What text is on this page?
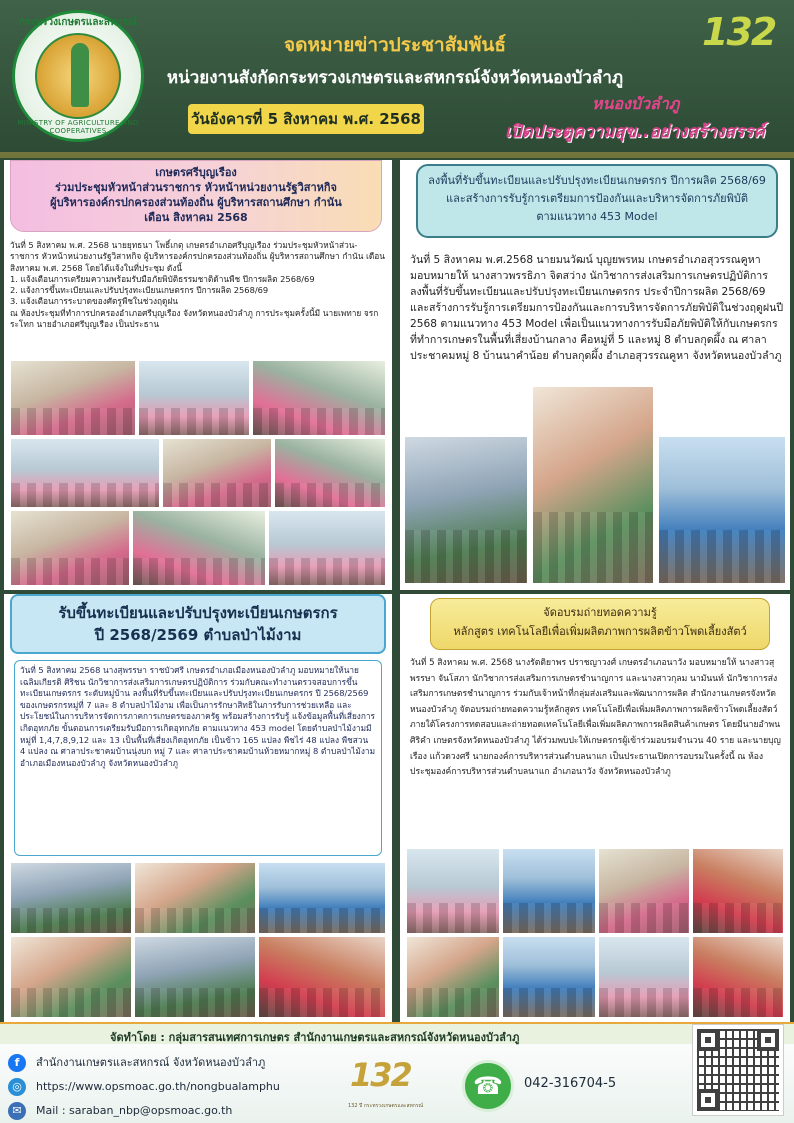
กระทรวงเกษตรและสหกรณ์
MINISTRY OF AGRICULTURE AND COOPERATIVES
จดหมายข่าวประชาสัมพันธ์
หน่วยงานสังกัดกระทรวงเกษตรและสหกรณ์จังหวัดหนองบัวลำภู
วันอังคารที่ 5 สิงหาคม พ.ศ. 2568
132
หนองบัวลำภู
เปิดประตูความสุข..อย่างสร้างสรรค์
เกษตรศรีบุญเรือง
ร่วมประชุมหัวหน้าส่วนราชการ หัวหน้าหน่วยงานรัฐวิสาหกิจ
ผู้บริหารองค์กรปกครองส่วนท้องถิ่น ผู้บริหารสถานศึกษา กำนัน
เดือน สิงหาคม 2568

วันที่ 5 สิงหาคม พ.ศ. 2568 นายยุทธนา โพธิ์เกตุ เกษตรอำเภอศรีบุญเรือง ร่วมประชุมหัวหน้าส่วน-ราชการ หัวหน้าหน่วยงานรัฐวิสาหกิจ ผู้บริหารองค์กรปกครองส่วนท้องถิ่น ผู้บริหารสถานศึกษา กำนัน เดือน สิงหาคม พ.ศ. 2568 โดยได้แจ้งในที่ประชุม ดังนี้

1. แจ้งเตือนการเตรียมความพร้อมรับมือภัยพิบัติธรรมชาติด้านพืช ปีการผลิต 2568/69

2. แจ้งการขึ้นทะเบียนและปรับปรุงทะเบียนเกษตรกร ปีการผลิต 2568/69

3. แจ้งเตือนการระบาดของศัตรูพืชในช่วงฤดูฝน

ณ ห้องประชุมที่ทำการปกครองอำเภอศรีบุญเรือง จังหวัดหนองบัวลำภู การประชุมครั้งนี้มี นายเพทาย จรกระโทก นายอำเภอศรีบุญเรือง เป็นประธาน

ลงพื้นที่รับขึ้นทะเบียนและปรับปรุงทะเบียนเกษตรกร ปีการผลิต 2568/69
และสร้างการรับรู้การเตรียมการป้องกันและบริหารจัดการภัยพิบัติ
ตามแนวทาง 453 Model
วันที่ 5 สิงหาคม พ.ศ.2568 นายมนวัฒน์ บุญยพรหม เกษตรอำเภอสุวรรณคูหา มอบหมายให้ นางสาวพรรธิภา จิตสว่าง นักวิชาการส่งเสริมการเกษตรปฏิบัติการ ลงพื้นที่รับขึ้นทะเบียนและปรับปรุงทะเบียนเกษตรกร ประจำปีการผลิต 2568/69 และสร้างการรับรู้การเตรียมการป้องกันและการบริหารจัดการภัยพิบัติในช่วงฤดูฝนปี 2568 ตามแนวทาง 453 Model เพื่อเป็นแนวทางการรับมือภัยพิบัติให้กับเกษตรกรที่ทำการเกษตรในพื้นที่เสี่ยงบ้านกลาง คือหมู่ที่ 5 และหมู่ 8 ตำบลกุดผึ้ง ณ ศาลาประชาคมหมู่ 8 บ้านนาคำน้อย ตำบลกุดผึ้ง อำเภอสุวรรณคูหา จังหวัดหนองบัวลำภู
รับขึ้นทะเบียนและปรับปรุงทะเบียนเกษตรกร
ปี 2568/2569 ตำบลป่าไม้งาม
วันที่ 5 สิงหาคม 2568 นางสุพรรษา ราชบัวศรี เกษตรอำเภอเมืองหนองบัวลำภู มอบหมายให้นายเฉลิมเกียรติ ศิริชน นักวิชาการส่งเสริมการเกษตรปฏิบัติการ ร่วมกับคณะทำงานตรวจสอบการขึ้นทะเบียนเกษตรกร ระดับหมู่บ้าน ลงพื้นที่รับขึ้นทะเบียนและปรับปรุงทะเบียนเกษตรกร ปี 2568/2569 ของเกษตรกรหมู่ที่ 7 และ 8 ตำบลป่าไม้งาม เพื่อเป็นการรักษาสิทธิในการรับการช่วยเหลือ และประโยชน์ในการบริหารจัดการภาคการเกษตรของภาครัฐ พร้อมสร้างการรับรู้ แจ้งข้อมูลพื้นที่เสี่ยงการเกิดอุทกภัย ขั้นตอนการเตรียมรับมือการเกิดอุทกภัย ตามแนวทาง 453 model โดยตำบลป่าไม้งามมีหมู่ที่ 1,4,7,8,9,12 และ 13 เป็นพื้นที่เสี่ยงเกิดอุทกภัย เป็นข้าว 165 แปลง พืชไร่ 48 แปลง พืชสวน 4 แปลง ณ ศาลาประชาคมบ้านนุ่งบก หมู่ 7 และ ศาลาประชาคมบ้านห้วยหมากหมู่ 8 ตำบลป่าไม้งาม อำเภอเมืองหนองบัวลำภู จังหวัดหนองบัวลำภู
จัดอบรมถ่ายทอดความรู้
หลักสูตร เทคโนโลยีเพื่อเพิ่มผลิตภาพการผลิตข้าวโพดเลี้ยงสัตว์
วันที่ 5 สิงหาคม พ.ศ. 2568 นางรัตติยาพร ปราชญาวงศ์ เกษตรอำเภอนาวัง มอบหมายให้ นางสาวสุพรรษา จันโสภา นักวิชาการส่งเสริมการเกษตรชำนาญการ และนางสาวกุลม นามันนท์ นักวิชาการส่งเสริมการเกษตรชำนาญการ ร่วมกับเจ้าหน้าที่กลุ่มส่งเสริมและพัฒนาการผลิต สำนักงานเกษตรจังหวัดหนองบัวลำภู จัดอบรมถ่ายทอดความรู้หลักสูตร เทคโนโลยีเพื่อเพิ่มผลิตภาพการผลิตข้าวโพดเลี้ยงสัตว์ ภายใต้โครงการทดสอบและถ่ายทอดเทคโนโลยีเพื่อเพิ่มผลิตภาพการผลิตสินค้าเกษตร โดยมีนายอำพน ศิริคำ เกษตรจังหวัดหนองบัวลำภู ได้ร่วมพบปะให้เกษตรกรผู้เข้าร่วมอบรมจำนวน 40 ราย และนายบุญเรือง แก้วดวงศรี นายกองค์การบริหารส่วนตำบลนาแก เป็นประธานเปิดการอบรมในครั้งนี้ ณ ห้องประชุมองค์การบริหารส่วนตำบลนาแก อำเภอนาวัง จังหวัดหนองบัวลำภู
จัดทำโดย : กลุ่มสารสนเทศการเกษตร สำนักงานเกษตรและสหกรณ์จังหวัดหนองบัวลำภู
f สำนักงานเกษตรและสหกรณ์ จังหวัดหนองบัวลำภู
◎ https://www.opsmoac.go.th/nongbualamphu
✉ Mail : saraban_nbp@opsmoac.go.th
132
132 ปี กระทรวงเกษตรและสหกรณ์
☎	042-316704-5
